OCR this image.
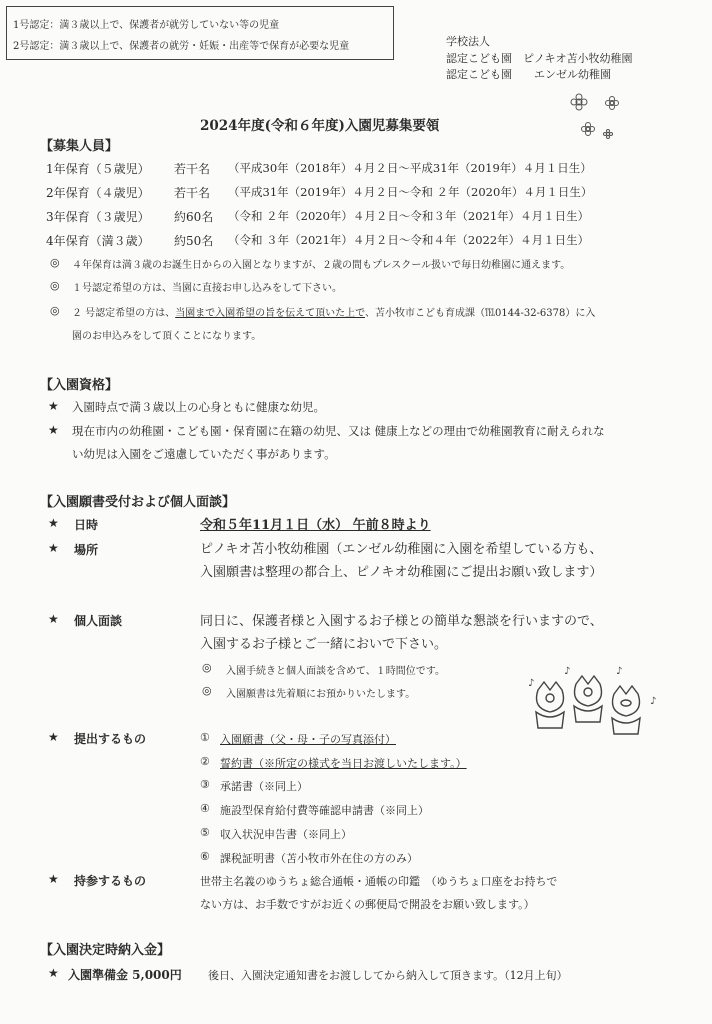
1号認定：満３歳以上で、保護者が就労していない等の児童
2号認定：満３歳以上で、保護者の就労・妊娠・出産等で保育が必要な児童	学校法人
認定こども園　ピノキオ苫小牧幼稚園
認定こども園　　エンゼル幼稚園
2024年度(令和６年度)入園児募集要領
【募集人員】
1年保育（５歳児） 若干名 （平成30年（2018年）４月２日～平成31年（2019年）４月１日生）
2年保育（４歳児） 若干名 （平成31年（2019年）４月２日～令和 ２年（2020年）４月１日生）
3年保育（３歳児） 約60名 （令和 ２年（2020年）４月２日～令和３年（2021年）４月１日生）
4年保育（満３歳） 約50名 （令和 ３年（2021年）４月２日～令和４年（2022年）４月１日生）
◎ ４年保育は満３歳のお誕生日からの入園となりますが、２歳の間もプレスクール扱いで毎日幼稚園に通えます。
◎ １号認定希望の方は、当園に直接お申し込みをして下さい。
◎ ２ 号認定希望の方は、当園まで入園希望の旨を伝えて頂いた上で、苫小牧市こども育成課（℡0144-32-6378）に入
園のお申込みをして頂くことになります。
【入園資格】
★ 入園時点で満３歳以上の心身ともに健康な幼児。
★ 現在市内の幼稚園・こども園・保育園に在籍の幼児、又は 健康上などの理由で幼稚園教育に耐えられな
い幼児は入園をご遠慮していただく事があります。
【入園願書受付および個人面談】
★ 日時	令和５年11月１日（水） 午前８時より
★ 場所	ピノキオ苫小牧幼稚園（エンゼル幼稚園に入園を希望している方も、
入園願書は整理の都合上、ピノキオ幼稚園にご提出お願い致します）
★ 個人面談	同日に、保護者様と入園するお子様との簡単な懇談を行いますので、
入園するお子様とご一緒においで下さい。
◎ 入園手続きと個人面談を含めて、１時間位です。
◎ 入園願書は先着順にお預かりいたします。
♪	♪
♪
♪
★ 提出するもの	① 入園願書（父・母・子の写真添付）
② 誓約書（※所定の様式を当日お渡しいたします。）
③ 承諾書（※同上）
④ 施設型保育給付費等確認申請書（※同上）
⑤ 収入状況申告書（※同上）
⑥ 課税証明書（苫小牧市外在住の方のみ）
★ 持参するもの	世帯主名義のゆうちょ総合通帳・通帳の印鑑　（ゆうちょ口座をお持ちで
ない方は、お手数ですがお近くの郵便局で開設をお願い致します。）
【入園決定時納入金】
★ 入園準備金 5,000円 後日、入園決定通知書をお渡ししてから納入して頂きます。（12月上旬）
